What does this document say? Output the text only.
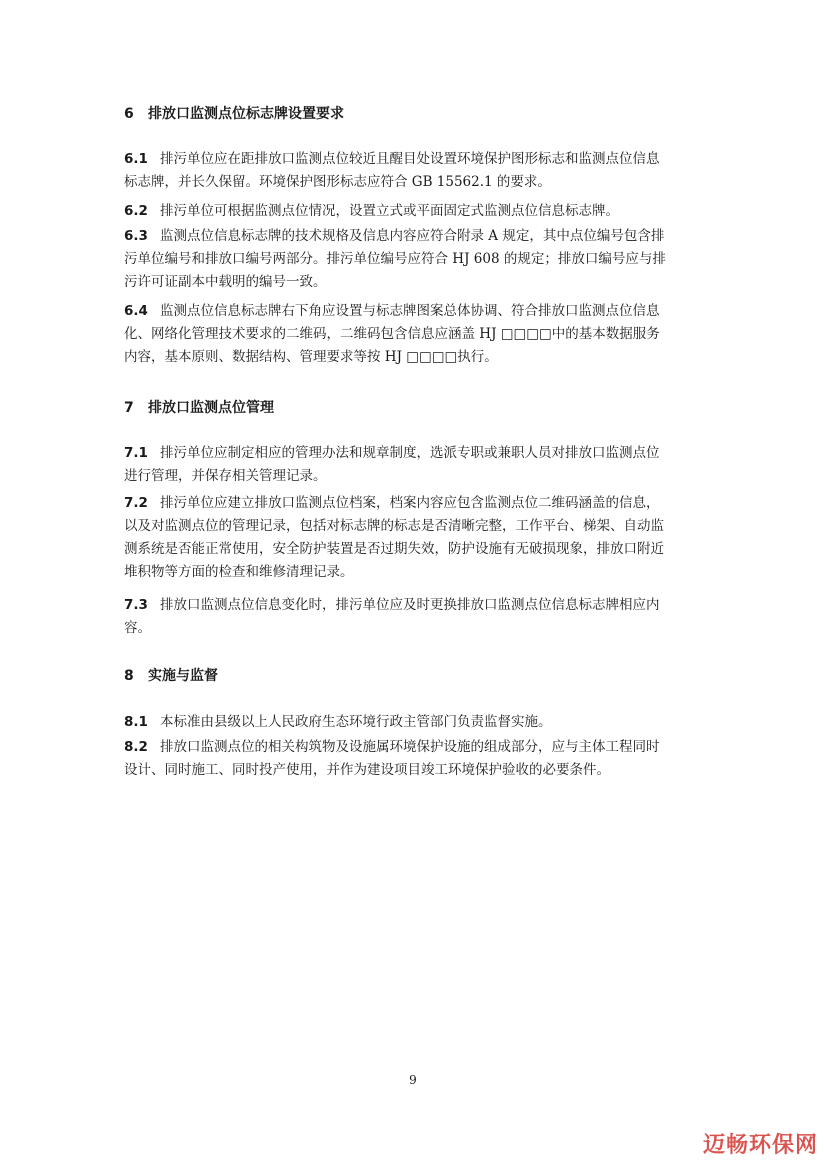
6 排放口监测点位标志牌设置要求
6.1 排污单位应在距排放口监测点位较近且醒目处设置环境保护图形标志和监测点位信息
标志牌，并长久保留。环境保护图形标志应符合 GB 15562.1 的要求。
6.2 排污单位可根据监测点位情况，设置立式或平面固定式监测点位信息标志牌。
6.3 监测点位信息标志牌的技术规格及信息内容应符合附录 A 规定，其中点位编号包含排
污单位编号和排放口编号两部分。排污单位编号应符合 HJ 608 的规定；排放口编号应与排
污许可证副本中载明的编号一致。
6.4 监测点位信息标志牌右下角应设置与标志牌图案总体协调、符合排放口监测点位信息
化、网络化管理技术要求的二维码，二维码包含信息应涵盖 HJ □□□□中的基本数据服务
内容，基本原则、数据结构、管理要求等按 HJ □□□□执行。
7 排放口监测点位管理
7.1 排污单位应制定相应的管理办法和规章制度，选派专职或兼职人员对排放口监测点位
进行管理，并保存相关管理记录。
7.2 排污单位应建立排放口监测点位档案，档案内容应包含监测点位二维码涵盖的信息，
以及对监测点位的管理记录，包括对标志牌的标志是否清晰完整，工作平台、梯架、自动监
测系统是否能正常使用，安全防护装置是否过期失效，防护设施有无破损现象，排放口附近
堆积物等方面的检查和维修清理记录。
7.3 排放口监测点位信息变化时，排污单位应及时更换排放口监测点位信息标志牌相应内
容。
8 实施与监督
8.1 本标准由县级以上人民政府生态环境行政主管部门负责监督实施。
8.2 排放口监测点位的相关构筑物及设施属环境保护设施的组成部分，应与主体工程同时
设计、同时施工、同时投产使用，并作为建设项目竣工环境保护验收的必要条件。
9
迈畅环保网
